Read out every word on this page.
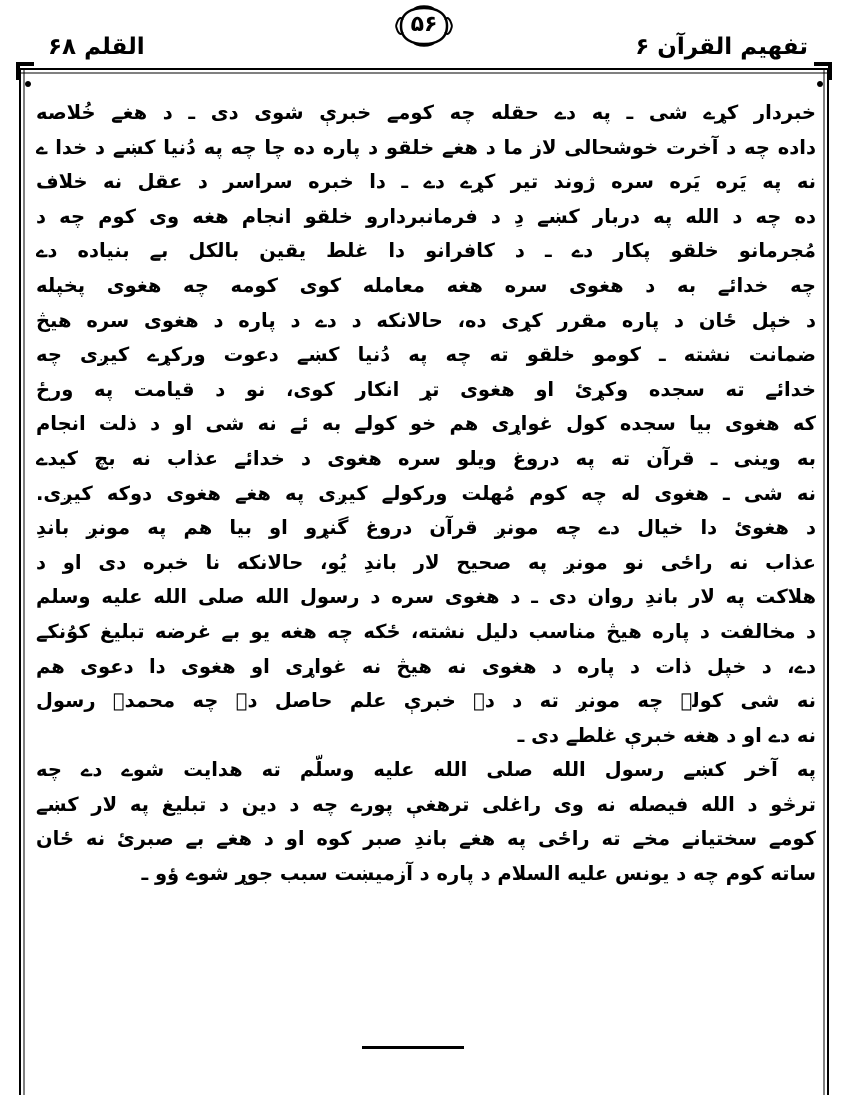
تفهیم القرآن ۶
۵۶
القلم ۶۸
خبردار کړے شی ـ په دے حقله چه کومے خبرې شوی دی ـ د هغے خُلاصه
داده چه د آخرت خوشحالی لاز ما د هغے خلقو د پاره ده چا چه په دُنیا کښے د خدا ے
نه په یَره یَره سره ژوند تیر کړے دے ـ دا خبره سراسر د عقل نه خلاف
ده چه د الله په دربار کښے دِ د فرمانبردارو خلقو انجام هغه وی کوم چه د
مُجرمانو خلقو پکار دے ـ د کافرانو دا غلط یقین بالکل بے بنیاده دے
چه خدائے به د هغوی سره هغه معامله کوی کومه چه هغوی پخپله
د خپل ځان د پاره مقرر کړی ده، حالانکه د دے د پاره د هغوی سره هیڅ
ضمانت نشته ـ کومو خلقو ته چه په دُنیا کښے دعوت ورکړے کیږی چه
خدائے ته سجده وکړئ او هغوی تړ انکار کوی، نو د قیامت په ورځ
که هغوی بیا سجده کول غواړی هم خو کولے به ئے نه شی او د ذلت انجام
به وینی ـ قرآن ته په دروغ ویلو سره هغوی د خدائے عذاب نه بچ کیدے
نه شی ـ هغوی له چه کوم مُهلت ورکولے کیږی په هغے هغوی دوکه کیږی.
د هغوئ دا خیال دے چه مونږ قرآن دروغ گنړو او بیا هم په مونږ باندِ
عذاب نه راځی نو مونږ په صحیح لار باندِ یُو، حالانکه نا خبره دی او د
هلاکت په لار باندِ روان دی ـ د هغوی سره د رسول الله صلی الله علیه وسلم
د مخالفت د پاره هیڅ مناسب دلیل نشته، ځکه چه هغه یو بے غرضه تبلیغ کوُنکے
دے، د خپل ذات د پاره د هغوی نه هیڅ نه غواړی او هغوی دا دعوی هم
نه شی کولے چه مونږ ته د دے خبرې علم حاصل دے چه محمدؐ رسول
نه دے او د هغه خبرې غلطے دی ـ
په آخر کښے رسول الله صلی الله علیه وسلّم ته هدایت شوے دے چه
ترڅو د الله فیصله نه وی راغلی ترهغې پورے چه د دین د تبلیغ په لار کښے
کومے سختیانے مخے ته راځی په هغے باندِ صبر کوه او د هغے بے صبرئ نه ځان
ساته کوم چه د یونس علیه السلام د پاره د آزمیښت سبب جوړ شوے ؤو ـ
